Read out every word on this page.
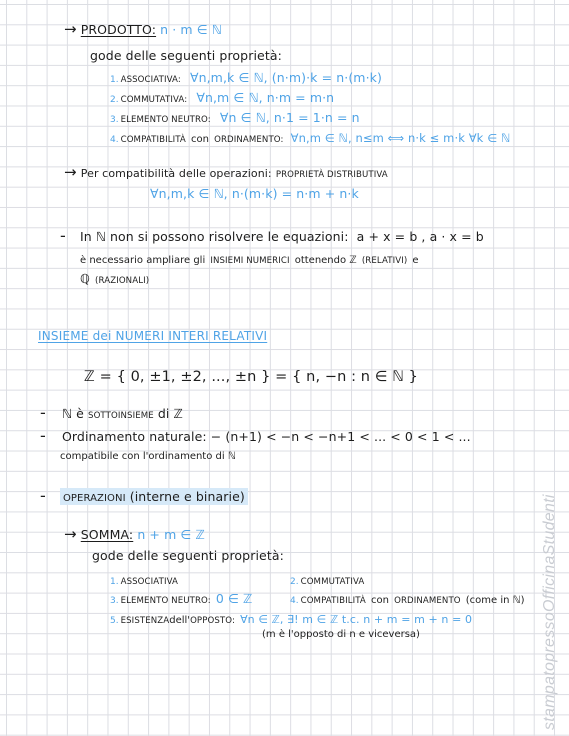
→ PRODOTTO: n · m ∈ ℕ
gode delle seguenti proprietà:
1. ASSOCIATIVA: ∀n,m,k ∈ ℕ, (n·m)·k = n·(m·k)
2. COMMUTATIVA: ∀n,m ∈ ℕ, n·m = m·n
3. ELEMENTO NEUTRO: ∀n ∈ ℕ, n·1 = 1·n = n
4. COMPATIBILITÀ con ORDINAMENTO: ∀n,m ∈ ℕ, n≤m ⟺ n·k ≤ m·k ∀k ∈ ℕ
→ Per compatibilità delle operazioni: PROPRIETÀ DISTRIBUTIVA
∀n,m,k ∈ ℕ, n·(m·k) = n·m + n·k
- In ℕ non si possono risolvere le equazioni: a + x = b , a · x = b
è necessario ampliare gli INSIEMI NUMERICI ottenendo ℤ (RELATIVI) e
ℚ (RAZIONALI)
INSIEME dei NUMERI INTERI RELATIVI
ℤ = { 0, ±1, ±2, ..., ±n } = { n, −n : n ∈ ℕ }
- ℕ è SOTTOINSIEME di ℤ
- Ordinamento naturale: − (n+1) < −n < −n+1 < ... < 0 < 1 < ...
compatibile con l'ordinamento di ℕ
- OPERAZIONI (interne e binarie)
→ SOMMA: n + m ∈ ℤ
gode delle seguenti proprietà:
1. ASSOCIATIVA	2. COMMUTATIVA
3. ELEMENTO NEUTRO: 0 ∈ ℤ	4. COMPATIBILITÀ con ORDINAMENTO (come in ℕ)
5. ESISTENZAdell'OPPOSTO: ∀n ∈ ℤ, ∃! m ∈ ℤ t.c. n + m = m + n = 0
(m è l'opposto di n e viceversa)	stampatopressoOfficinaStudenti
